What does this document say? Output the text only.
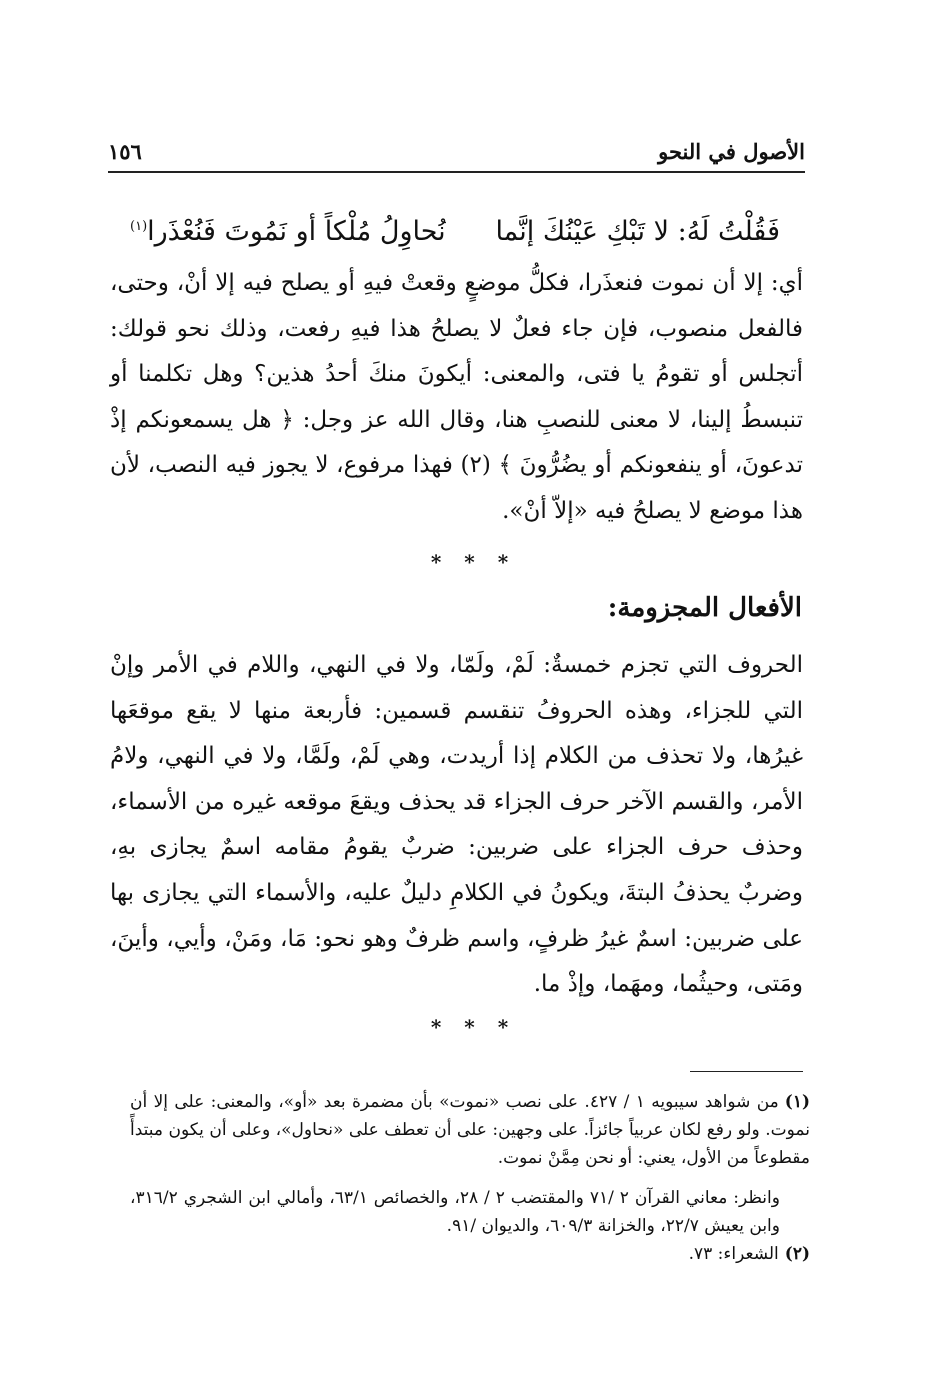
١٥٦	الأصول في النحو
فَقُلْتُ لَهُ: لا تَبْكِ عَيْنُكَ إنَّما
نُحاوِلُ مُلْكاً أو نَمُوتَ فَنُعْذَرا$^{(١)}$

أي: إلا أن نموت فنعذَرا، فكلُّ موضعٍ وقعتْ فيهِ أو يصلح فيه إلا أنْ، وحتى، فالفعل منصوب، فإن جاء فعلٌ لا يصلحُ هذا فيهِ رفعت، وذلك نحو قولك: أتجلس أو تقومُ يا فتى، والمعنى: أيكونَ منكَ أحدُ هذين؟ وهل تكلمنا أو تنبسطُ إلينا، لا معنى للنصبِ هنا، وقال الله عز وجل: ﴿ هل يسمعونكم إذْ تدعونَ، أو ينفعونكم أو يضُرُّونَ ﴾ (٢) فهذا مرفوع، لا يجوز فيه النصب، لأن هذا موضع لا يصلحُ فيه «إلاّ أنْ».

* * *
الأفعال المجزومة:

الحروف التي تجزم خمسةٌ: لَمْ، ولَمّا، ولا في النهي، واللام في الأمر وإنْ التي للجزاء، وهذه الحروفُ تنقسم قسمين: فأربعة منها لا يقع موقعَها غيرُها، ولا تحذف من الكلام إذا أريدت، وهي لَمْ، ولَمَّا، ولا في النهي، ولامُ الأمر، والقسم الآخر حرف الجزاء قد يحذف ويقعَ موقعه غيره من الأسماء، وحذف حرف الجزاء على ضربين: ضربٌ يقومُ مقامه اسمٌ يجازى بهِ، وضربٌ يحذفُ البتةَ، ويكونُ في الكلامِ دليلٌ عليه، والأسماء التي يجازى بها على ضربين: اسمٌ غيرُ ظرفٍ، واسم ظرفٌ وهو نحو: مَا، ومَنْ، وأيي، وأينَ، ومَتى، وحيثُما، ومهَما، وإذْ ما.

* * *

(١)من شواهد سيبويه ١ / ٤٢٧. على نصب «نموت» بأن مضمرة بعد «أو»، والمعنى: على إلا أن نموت. ولو رفع لكان عربياً جائزاً. على وجهين: على أن تعطف على «نحاول»، وعلى أن يكون مبتدأً مقطوعاً من الأول، يعني: أو نحن مِمَّنْ نموت.

وانظر: معاني القرآن ٢ /٧١ والمقتضب ٢ / ٢٨، والخصائص ٦٣/١، وأمالي ابن الشجري ٣١٦/٢، وابن يعيش ٢٢/٧، والخزانة ٦٠٩/٣، والديوان /٩١.

(٢)الشعراء: ٧٣.
